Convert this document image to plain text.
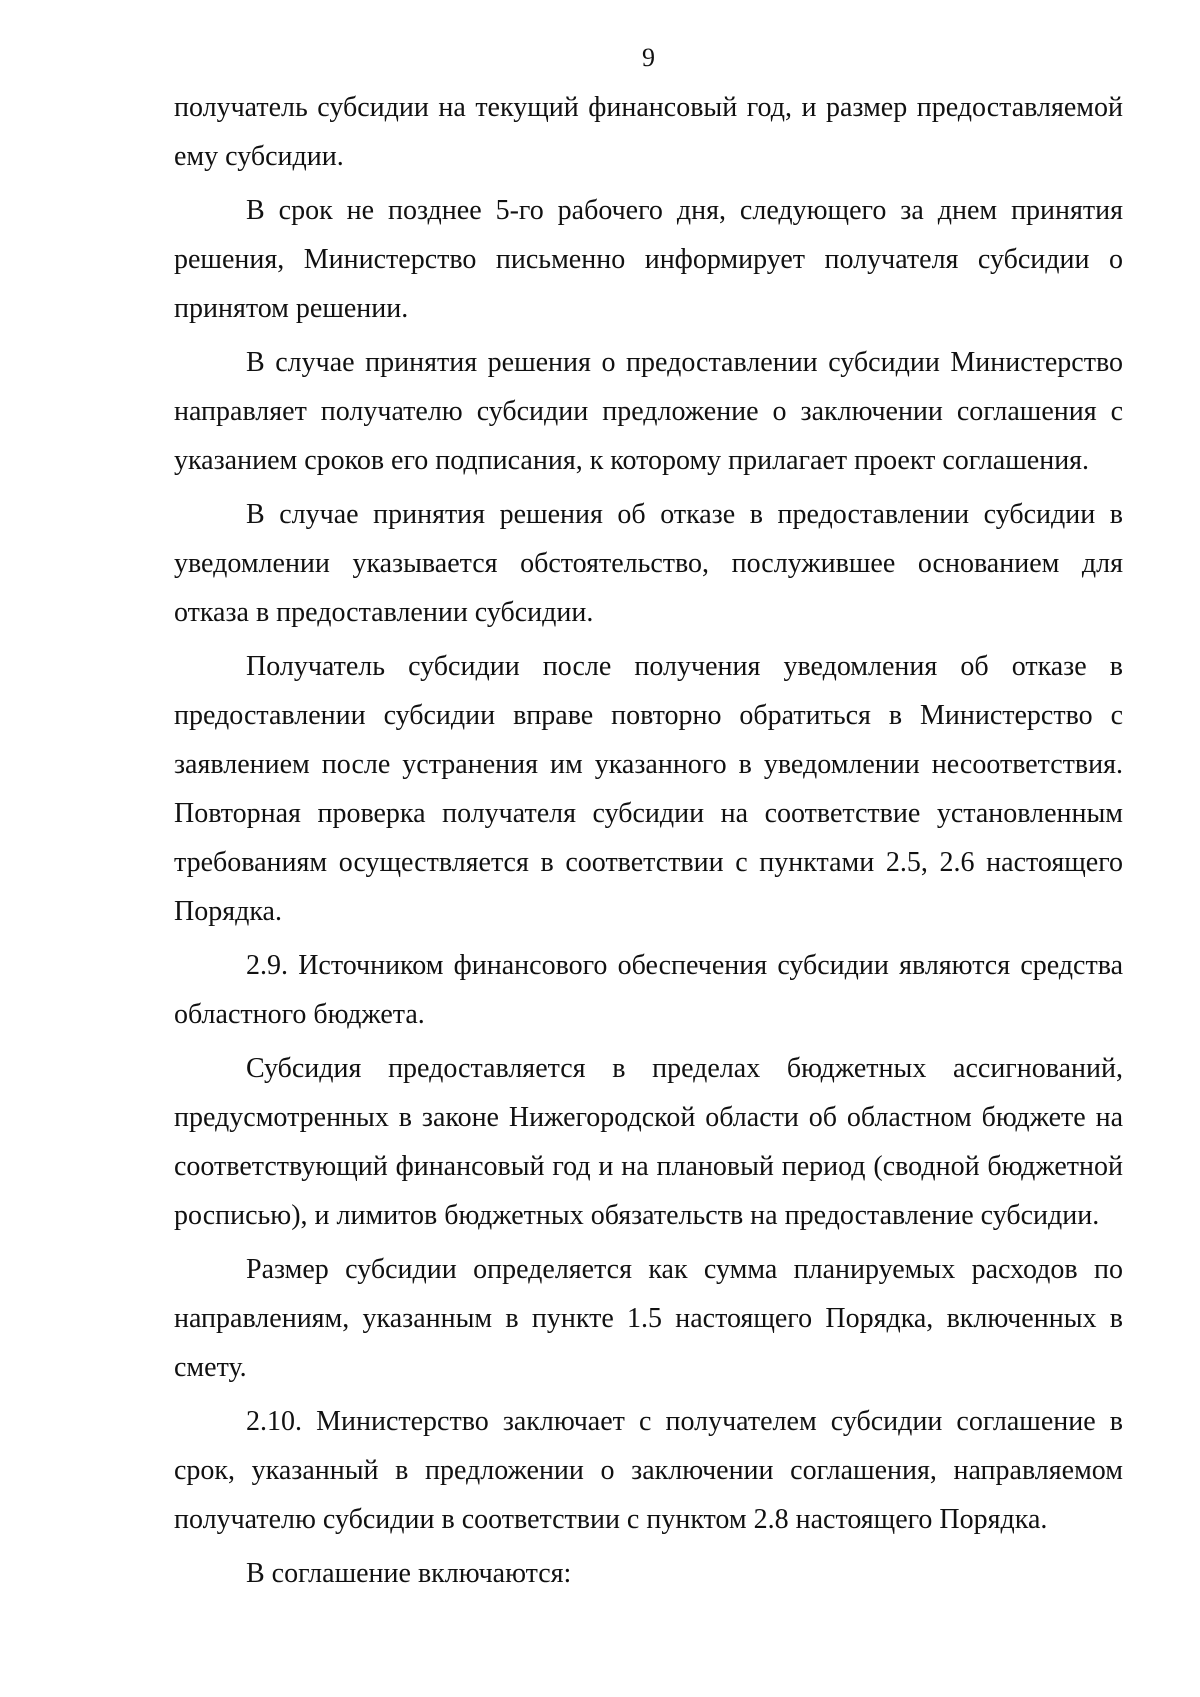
9

получатель субсидии на текущий финансовый год, и размер предоставляемой ему субсидии.

В срок не позднее 5-го рабочего дня, следующего за днем принятия решения, Министерство письменно информирует получателя субсидии о принятом решении.

В случае принятия решения о предоставлении субсидии Министерство направляет получателю субсидии предложение о заключении соглашения с указанием сроков его подписания, к которому прилагает проект соглашения.

В случае принятия решения об отказе в предоставлении субсидии в уведомлении указывается обстоятельство, послужившее основанием для отказа в предоставлении субсидии.

Получатель субсидии после получения уведомления об отказе в предоставлении субсидии вправе повторно обратиться в Министерство с заявлением после устранения им указанного в уведомлении несоответствия. Повторная проверка получателя субсидии на соответствие установленным требованиям осуществляется в соответствии с пунктами 2.5, 2.6 настоящего Порядка.

2.9. Источником финансового обеспечения субсидии являются средства областного бюджета.

Субсидия предоставляется в пределах бюджетных ассигнований, предусмотренных в законе Нижегородской области об областном бюджете на соответствующий финансовый год и на плановый период (сводной бюджетной росписью), и лимитов бюджетных обязательств на предоставление субсидии.

Размер субсидии определяется как сумма планируемых расходов по направлениям, указанным в пункте 1.5 настоящего Порядка, включенных в смету.

2.10. Министерство заключает с получателем субсидии соглашение в срок, указанный в предложении о заключении соглашения, направляемом получателю субсидии в соответствии с пунктом 2.8 настоящего Порядка.

В соглашение включаются:
